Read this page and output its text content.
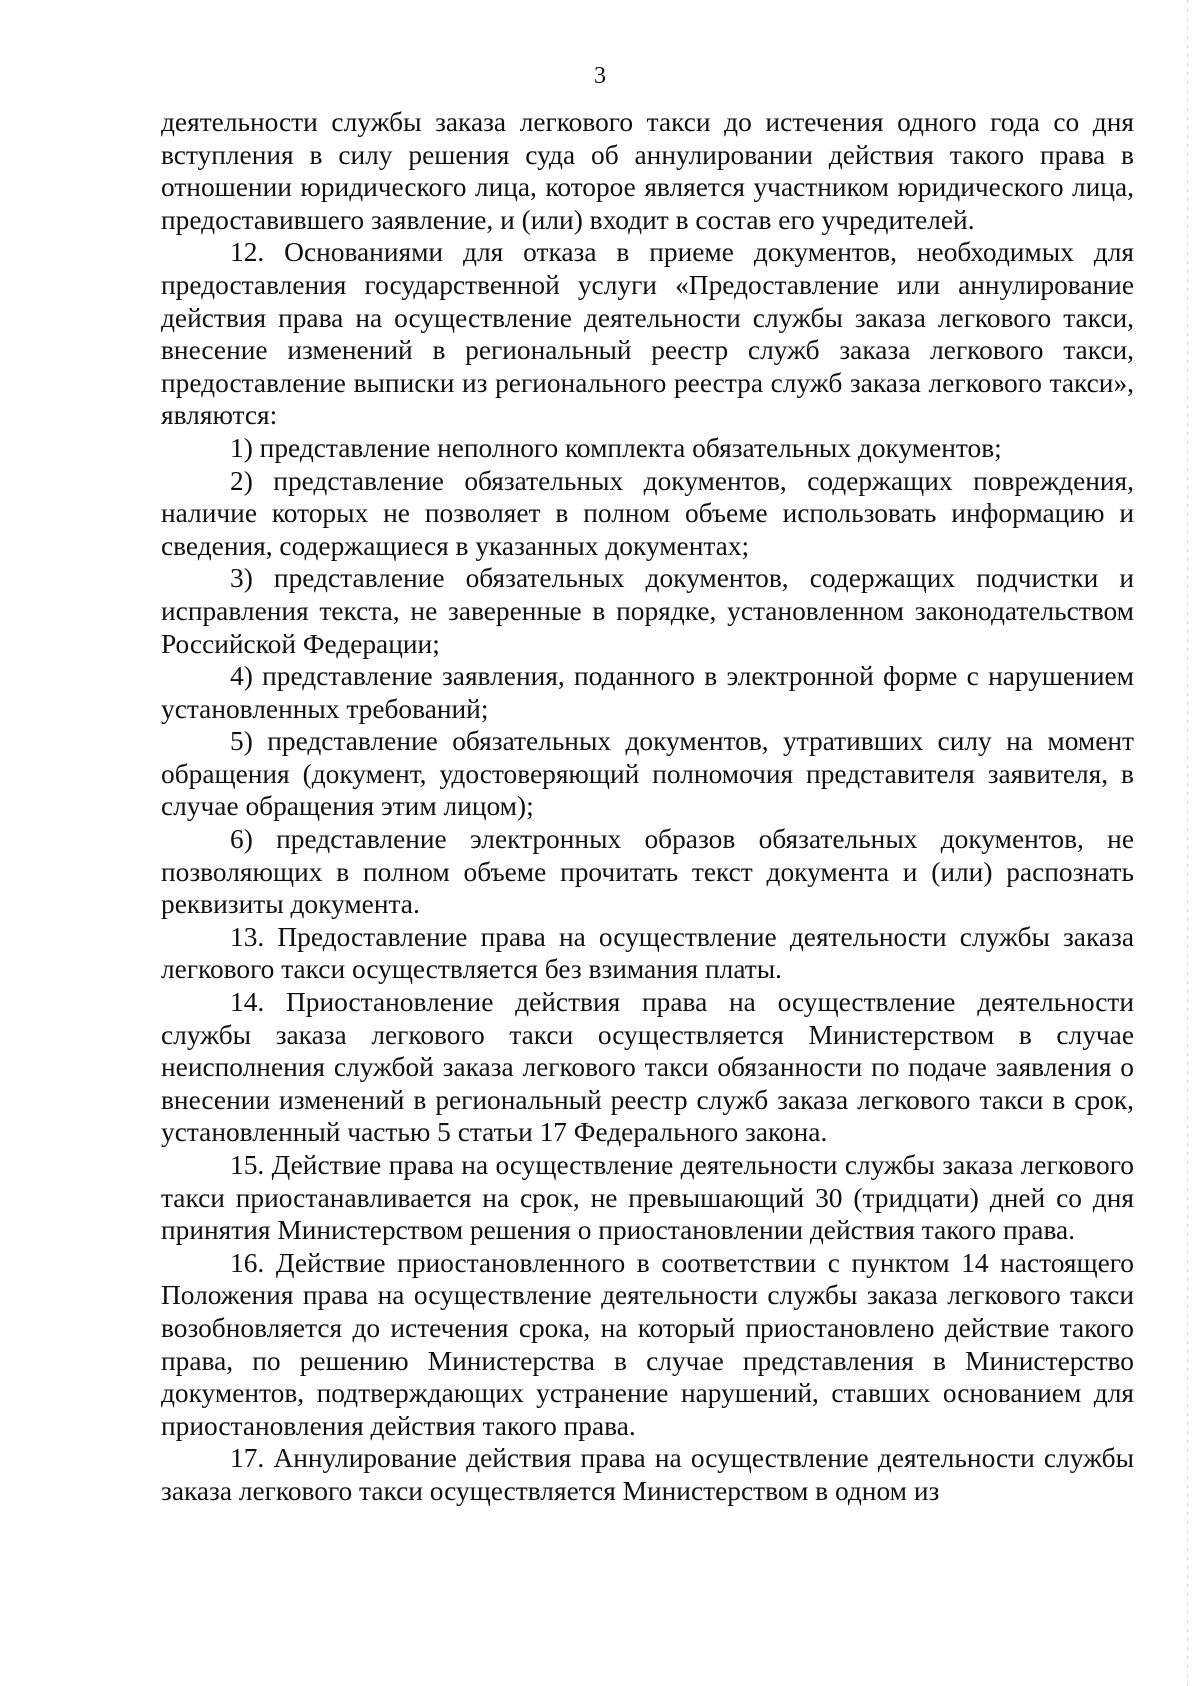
3

деятельности службы заказа легкового такси до истечения одного года со дня вступления в силу решения суда об аннулировании действия такого права в отношении юридического лица, которое является участником юридического лица, предоставившего заявление, и (или) входит в состав его учредителей.

12. Основаниями для отказа в приеме документов, необходимых для предоставления государственной услуги «Предоставление или аннулирование действия права на осуществление деятельности службы заказа легкового такси, внесение изменений в региональный реестр служб заказа легкового такси, предоставление выписки из регионального реестра служб заказа легкового такси», являются:

1) представление неполного комплекта обязательных документов;

2) представление обязательных документов, содержащих повреждения, наличие которых не позволяет в полном объеме использовать информацию и сведения, содержащиеся в указанных документах;

3) представление обязательных документов, содержащих подчистки и исправления текста, не заверенные в порядке, установленном законодательством Российской Федерации;

4) представление заявления, поданного в электронной форме с нарушением установленных требований;

5) представление обязательных документов, утративших силу на момент обращения (документ, удостоверяющий полномочия представителя заявителя, в случае обращения этим лицом);

6) представление электронных образов обязательных документов, не позволяющих в полном объеме прочитать текст документа и (или) распознать реквизиты документа.

13. Предоставление права на осуществление деятельности службы заказа легкового такси осуществляется без взимания платы.

14. Приостановление действия права на осуществление деятельности службы заказа легкового такси осуществляется Министерством в случае неисполнения службой заказа легкового такси обязанности по подаче заявления о внесении изменений в региональный реестр служб заказа легкового такси в срок, установленный частью 5 статьи 17 Федерального закона.

15. Действие права на осуществление деятельности службы заказа легкового такси приостанавливается на срок, не превышающий 30 (тридцати) дней со дня принятия Министерством решения о приостановлении действия такого права.

16. Действие приостановленного в соответствии с пунктом 14 настоящего Положения права на осуществление деятельности службы заказа легкового такси возобновляется до истечения срока, на который приостановлено действие такого права, по решению Министерства в случае представления в Министерство документов, подтверждающих устранение нарушений, ставших основанием для приостановления действия такого права.

17. Аннулирование действия права на осуществление деятельности службы заказа легкового такси осуществляется Министерством в одном из
